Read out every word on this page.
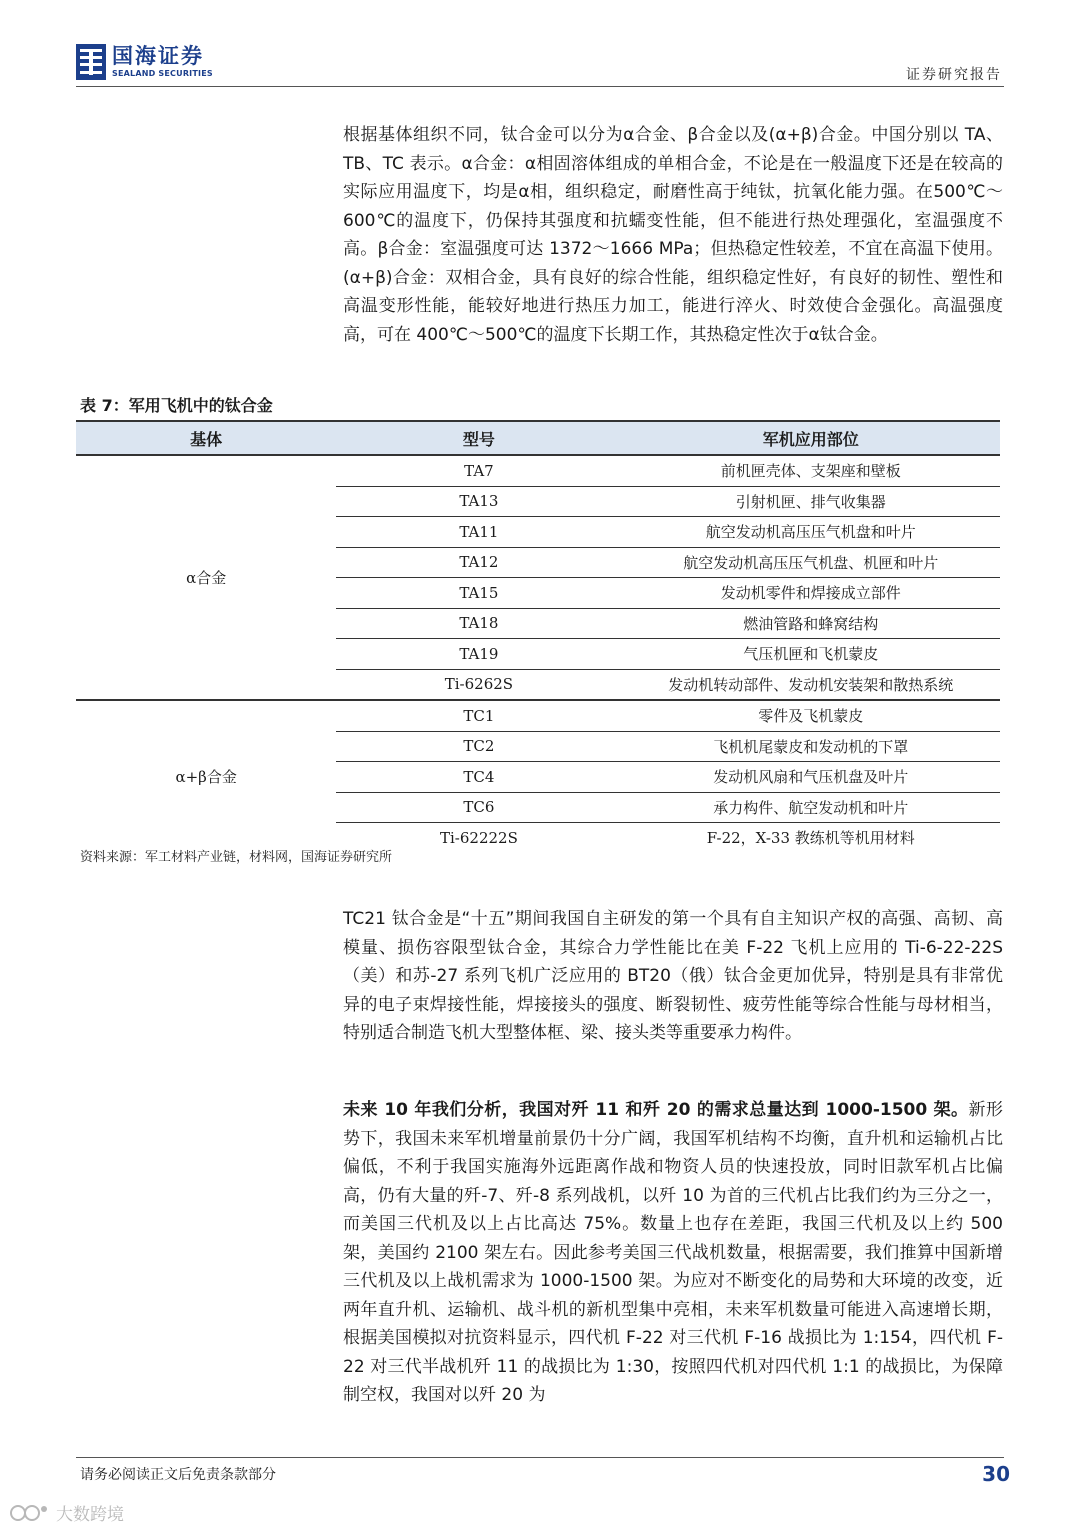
国海证券
SEALAND SECURITIES	证券研究报告

根据基体组织不同，钛合金可以分为α合金、β合金以及(α+β)合金。中国分别以 TA、TB、TC 表示。α合金：α相固溶体组成的单相合金，不论是在一般温度下还是在较高的实际应用温度下，均是α相，组织稳定，耐磨性高于纯钛，抗氧化能力强。在500℃～600℃的温度下，仍保持其强度和抗蠕变性能，但不能进行热处理强化，室温强度不高。β合金：室温强度可达 1372～1666 MPa；但热稳定性较差，不宜在高温下使用。(α+β)合金：双相合金，具有良好的综合性能，组织稳定性好，有良好的韧性、塑性和高温变形性能，能较好地进行热压力加工，能进行淬火、时效使合金强化。高温强度高，可在 400℃～500℃的温度下长期工作，其热稳定性次于α钛合金。

表 7：军用飞机中的钛合金
基体	型号	军机应用部位
α合金	TA7	前机匣壳体、支架座和壁板
	TA13	引射机匣、排气收集器
	TA11	航空发动机高压压气机盘和叶片
	TA12	航空发动机高压压气机盘、机匣和叶片
	TA15	发动机零件和焊接成立部件
	TA18	燃油管路和蜂窝结构
	TA19	气压机匣和飞机蒙皮
	Ti-6262S	发动机转动部件、发动机安装架和散热系统
α+β合金	TC1	零件及飞机蒙皮
	TC2	飞机机尾蒙皮和发动机的下罩
	TC4	发动机风扇和气压机盘及叶片
	TC6	承力构件、航空发动机和叶片
	Ti-62222S	F-22，X-33 教练机等机用材料
资料来源：军工材料产业链，材料网，国海证券研究所

TC21 钛合金是“十五”期间我国自主研发的第一个具有自主知识产权的高强、高韧、高模量、损伤容限型钛合金，其综合力学性能比在美 F-22 飞机上应用的 Ti-6-22-22S（美）和苏-27 系列飞机广泛应用的 BT20（俄）钛合金更加优异，特别是具有非常优异的电子束焊接性能，焊接接头的强度、断裂韧性、疲劳性能等综合性能与母材相当，特别适合制造飞机大型整体框、梁、接头类等重要承力构件。

未来 10 年我们分析，我国对歼 11 和歼 20 的需求总量达到 1000-1500 架。新形势下，我国未来军机增量前景仍十分广阔，我国军机结构不均衡，直升机和运输机占比偏低，不利于我国实施海外远距离作战和物资人员的快速投放，同时旧款军机占比偏高，仍有大量的歼-7、歼-8 系列战机，以歼 10 为首的三代机占比我们约为三分之一，而美国三代机及以上占比高达 75%。数量上也存在差距，我国三代机及以上约 500 架，美国约 2100 架左右。因此参考美国三代战机数量，根据需要，我们推算中国新增三代机及以上战机需求为 1000-1500 架。为应对不断变化的局势和大环境的改变，近两年直升机、运输机、战斗机的新机型集中亮相，未来军机数量可能进入高速增长期，根据美国模拟对抗资料显示，四代机 F-22 对三代机 F-16 战损比为 1:154，四代机 F-22 对三代半战机歼 11 的战损比为 1:30，按照四代机对四代机 1:1 的战损比，为保障制空权，我国对以歼 20 为

请务必阅读正文后免责条款部分	30
大数跨境
